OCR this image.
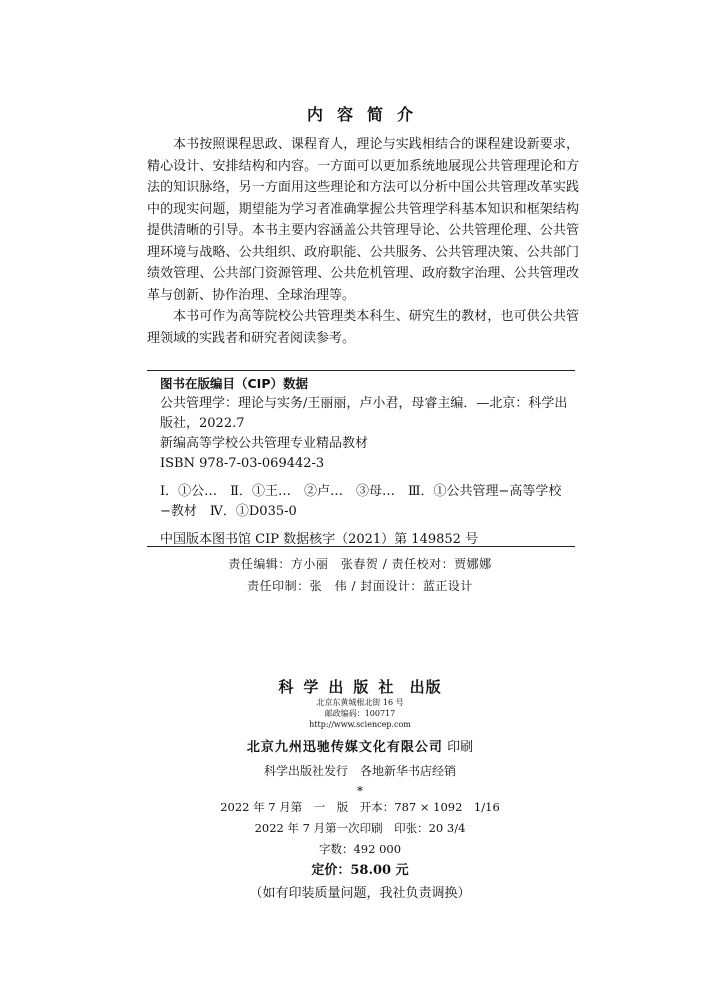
内容简介

本书按照课程思政、课程育人，理论与实践相结合的课程建设新要求，精心设计、安排结构和内容。一方面可以更加系统地展现公共管理理论和方法的知识脉络，另一方面用这些理论和方法可以分析中国公共管理改革实践中的现实问题，期望能为学习者准确掌握公共管理学科基本知识和框架结构提供清晰的引导。本书主要内容涵盖公共管理导论、公共管理伦理、公共管理环境与战略、公共组织、政府职能、公共服务、公共管理决策、公共部门绩效管理、公共部门资源管理、公共危机管理、政府数字治理、公共管理改革与创新、协作治理、全球治理等。

本书可作为高等院校公共管理类本科生、研究生的教材，也可供公共管理领域的实践者和研究者阅读参考。

图书在版编目（CIP）数据
公共管理学：理论与实务/王丽丽，卢小君，母睿主编．—北京：科学出版社，2022.7
新编高等学校公共管理专业精品教材
ISBN 978-7-03-069442-3
Ⅰ．①公…　Ⅱ．①王…　②卢…　③母…　Ⅲ．①公共管理−高等学校−教材　Ⅳ．①D035-0
中国版本图书馆 CIP 数据核字（2021）第 149852 号
责任编辑：方小丽　张春贺 / 责任校对：贾娜娜
责任印制：张　伟 / 封面设计：蓝正设计
科学出版社 出版
北京东黄城根北街 16 号
邮政编码：100717
http://www.sciencep.com
北京九州迅驰传媒文化有限公司 印刷
科学出版社发行　各地新华书店经销
*
2022 年 7 月第　一　版　开本：787 × 1092　1/16
2022 年 7 月第一次印刷　印张：20 3/4
字数：492 000
定价：58.00 元
（如有印装质量问题，我社负责调换）
